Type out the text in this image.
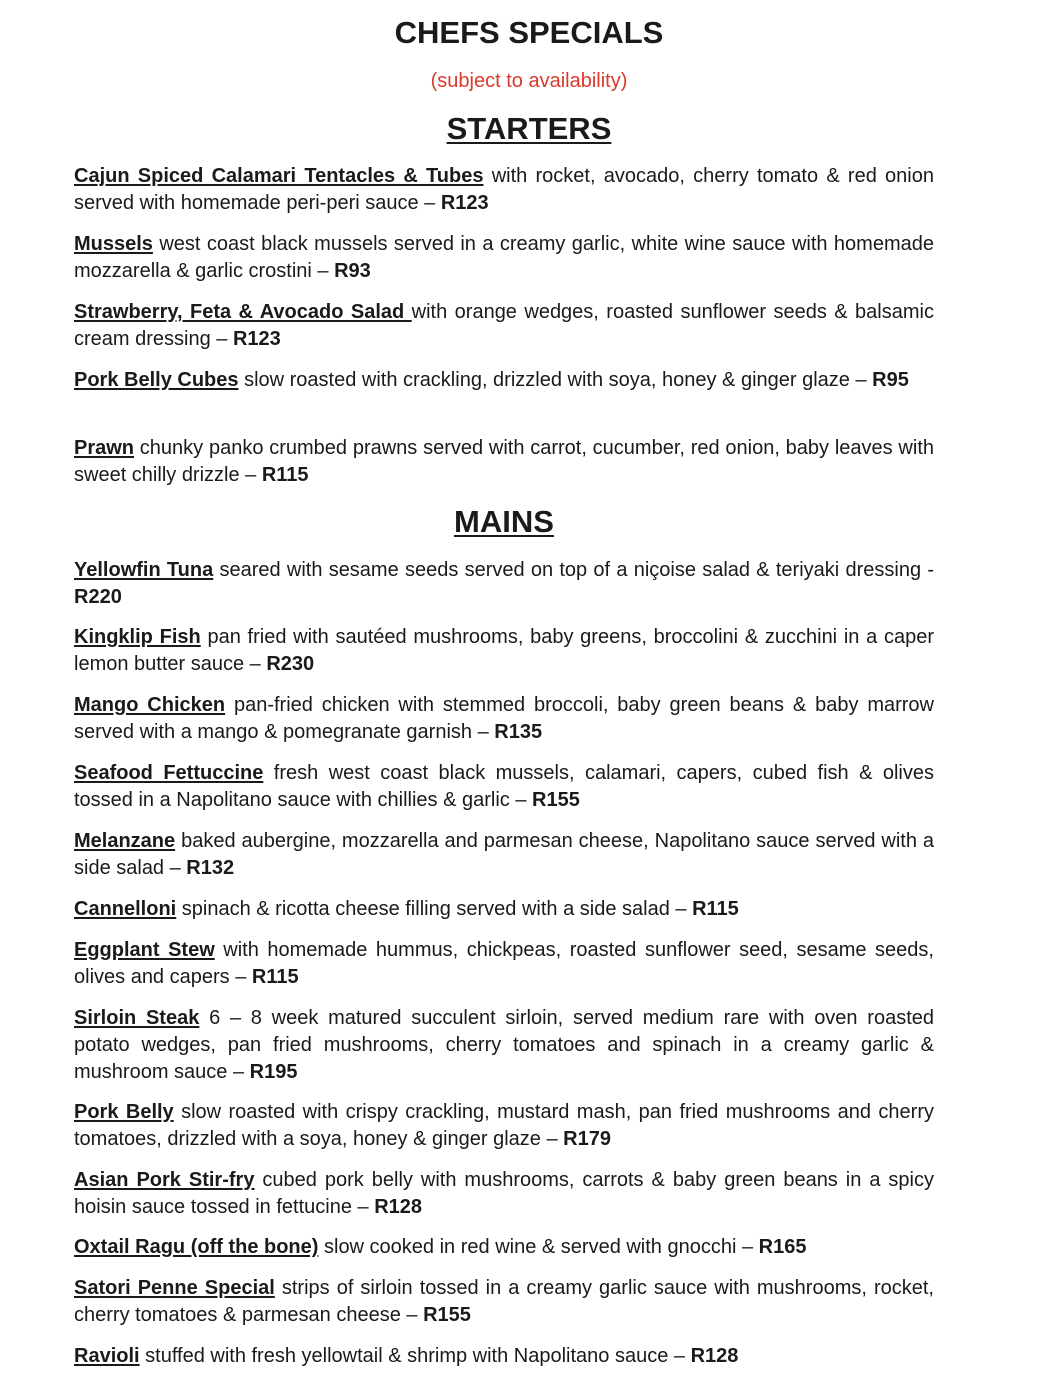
CHEFS SPECIALS
(subject to availability)
STARTERS

Cajun Spiced Calamari Tentacles & Tubes with rocket, avocado, cherry tomato & red onion served with homemade peri-peri sauce – R123

Mussels west coast black mussels served in a creamy garlic, white wine sauce with homemade mozzarella & garlic crostini – R93

Strawberry, Feta & Avocado Salad with orange wedges, roasted sunflower seeds & balsamic cream dressing – R123

Pork Belly Cubes slow roasted with crackling, drizzled with soya, honey & ginger glaze – R95

Prawn chunky panko crumbed prawns served with carrot, cucumber, red onion, baby leaves with sweet chilly drizzle – R115

MAINS

Yellowfin Tuna seared with sesame seeds served on top of a niçoise salad & teriyaki dressing - R220

Kingklip Fish pan fried with sautéed mushrooms, baby greens, broccolini & zucchini in a caper lemon butter sauce – R230

Mango Chicken pan-fried chicken with stemmed broccoli, baby green beans & baby marrow served with a mango & pomegranate garnish – R135

Seafood Fettuccine fresh west coast black mussels, calamari, capers, cubed fish & olives tossed in a Napolitano sauce with chillies & garlic – R155

Melanzane baked aubergine, mozzarella and parmesan cheese, Napolitano sauce served with a side salad – R132

Cannelloni spinach & ricotta cheese filling served with a side salad – R115

Eggplant Stew with homemade hummus, chickpeas, roasted sunflower seed, sesame seeds, olives and capers – R115

Sirloin Steak 6 – 8 week matured succulent sirloin, served medium rare with oven roasted potato wedges, pan fried mushrooms, cherry tomatoes and spinach in a creamy garlic & mushroom sauce – R195

Pork Belly slow roasted with crispy crackling, mustard mash, pan fried mushrooms and cherry tomatoes, drizzled with a soya, honey & ginger glaze – R179

Asian Pork Stir-fry cubed pork belly with mushrooms, carrots & baby green beans in a spicy hoisin sauce tossed in fettucine – R128

Oxtail Ragu (off the bone) slow cooked in red wine & served with gnocchi – R165

Satori Penne Special strips of sirloin tossed in a creamy garlic sauce with mushrooms, rocket, cherry tomatoes & parmesan cheese – R155

Ravioli stuffed with fresh yellowtail & shrimp with Napolitano sauce – R128
